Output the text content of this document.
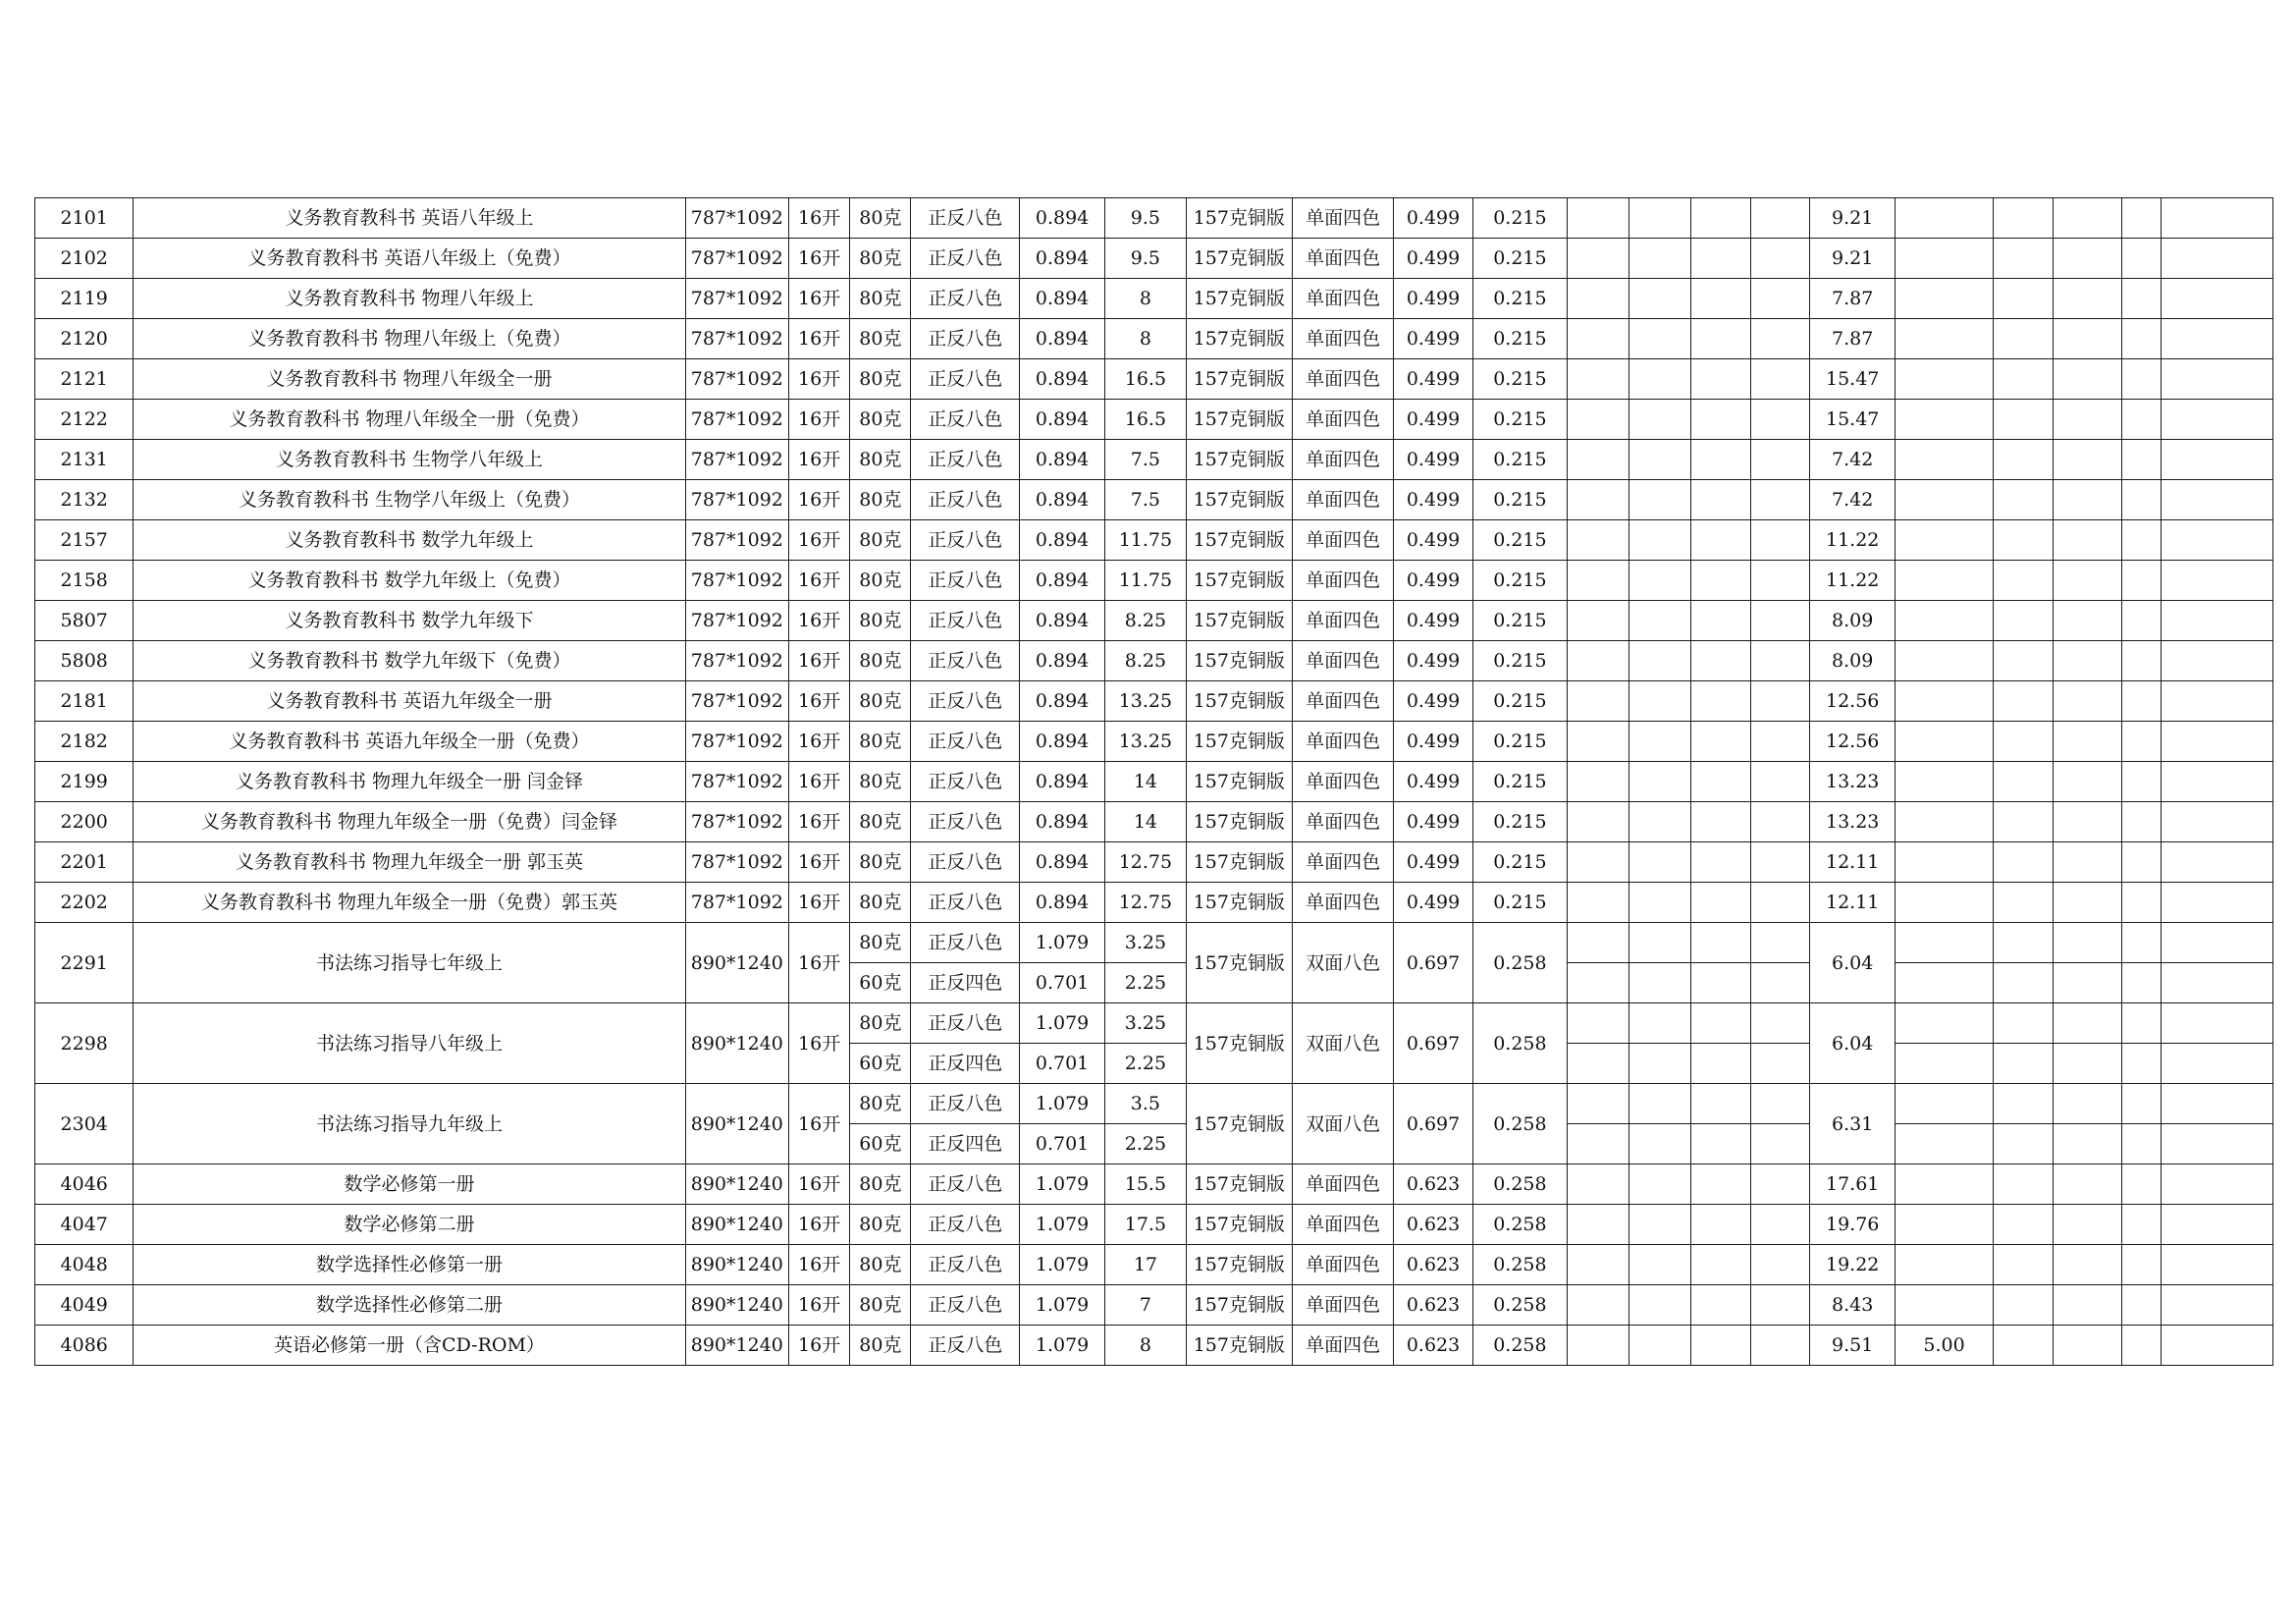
2101	义务教育教科书 英语八年级上	787*1092	16开	80克	正反八色	0.894	9.5	157克铜版	单面四色	0.499	0.215					9.21					
2102	义务教育教科书 英语八年级上（免费）	787*1092	16开	80克	正反八色	0.894	9.5	157克铜版	单面四色	0.499	0.215					9.21					
2119	义务教育教科书 物理八年级上	787*1092	16开	80克	正反八色	0.894	8	157克铜版	单面四色	0.499	0.215					7.87					
2120	义务教育教科书 物理八年级上（免费）	787*1092	16开	80克	正反八色	0.894	8	157克铜版	单面四色	0.499	0.215					7.87					
2121	义务教育教科书 物理八年级全一册	787*1092	16开	80克	正反八色	0.894	16.5	157克铜版	单面四色	0.499	0.215					15.47					
2122	义务教育教科书 物理八年级全一册（免费）	787*1092	16开	80克	正反八色	0.894	16.5	157克铜版	单面四色	0.499	0.215					15.47					
2131	义务教育教科书 生物学八年级上	787*1092	16开	80克	正反八色	0.894	7.5	157克铜版	单面四色	0.499	0.215					7.42					
2132	义务教育教科书 生物学八年级上（免费）	787*1092	16开	80克	正反八色	0.894	7.5	157克铜版	单面四色	0.499	0.215					7.42					
2157	义务教育教科书 数学九年级上	787*1092	16开	80克	正反八色	0.894	11.75	157克铜版	单面四色	0.499	0.215					11.22					
2158	义务教育教科书 数学九年级上（免费）	787*1092	16开	80克	正反八色	0.894	11.75	157克铜版	单面四色	0.499	0.215					11.22					
5807	义务教育教科书 数学九年级下	787*1092	16开	80克	正反八色	0.894	8.25	157克铜版	单面四色	0.499	0.215					8.09					
5808	义务教育教科书 数学九年级下（免费）	787*1092	16开	80克	正反八色	0.894	8.25	157克铜版	单面四色	0.499	0.215					8.09					
2181	义务教育教科书 英语九年级全一册	787*1092	16开	80克	正反八色	0.894	13.25	157克铜版	单面四色	0.499	0.215					12.56					
2182	义务教育教科书 英语九年级全一册（免费）	787*1092	16开	80克	正反八色	0.894	13.25	157克铜版	单面四色	0.499	0.215					12.56					
2199	义务教育教科书 物理九年级全一册 闫金铎	787*1092	16开	80克	正反八色	0.894	14	157克铜版	单面四色	0.499	0.215					13.23					
2200	义务教育教科书 物理九年级全一册（免费）闫金铎	787*1092	16开	80克	正反八色	0.894	14	157克铜版	单面四色	0.499	0.215					13.23					
2201	义务教育教科书 物理九年级全一册 郭玉英	787*1092	16开	80克	正反八色	0.894	12.75	157克铜版	单面四色	0.499	0.215					12.11					
2202	义务教育教科书 物理九年级全一册（免费）郭玉英	787*1092	16开	80克	正反八色	0.894	12.75	157克铜版	单面四色	0.499	0.215					12.11					
2291	书法练习指导七年级上	890*1240	16开	80克	正反八色	1.079	3.25	157克铜版	双面八色	0.697	0.258					6.04					
				60克	正反四色	0.701	2.25														
2298	书法练习指导八年级上	890*1240	16开	80克	正反八色	1.079	3.25	157克铜版	双面八色	0.697	0.258					6.04					
				60克	正反四色	0.701	2.25														
2304	书法练习指导九年级上	890*1240	16开	80克	正反八色	1.079	3.5	157克铜版	双面八色	0.697	0.258					6.31					
				60克	正反四色	0.701	2.25														
4046	数学必修第一册	890*1240	16开	80克	正反八色	1.079	15.5	157克铜版	单面四色	0.623	0.258					17.61					
4047	数学必修第二册	890*1240	16开	80克	正反八色	1.079	17.5	157克铜版	单面四色	0.623	0.258					19.76					
4048	数学选择性必修第一册	890*1240	16开	80克	正反八色	1.079	17	157克铜版	单面四色	0.623	0.258					19.22					
4049	数学选择性必修第二册	890*1240	16开	80克	正反八色	1.079	7	157克铜版	单面四色	0.623	0.258					8.43					
4086	英语必修第一册（含CD-ROM）	890*1240	16开	80克	正反八色	1.079	8	157克铜版	单面四色	0.623	0.258					9.51	5.00				
